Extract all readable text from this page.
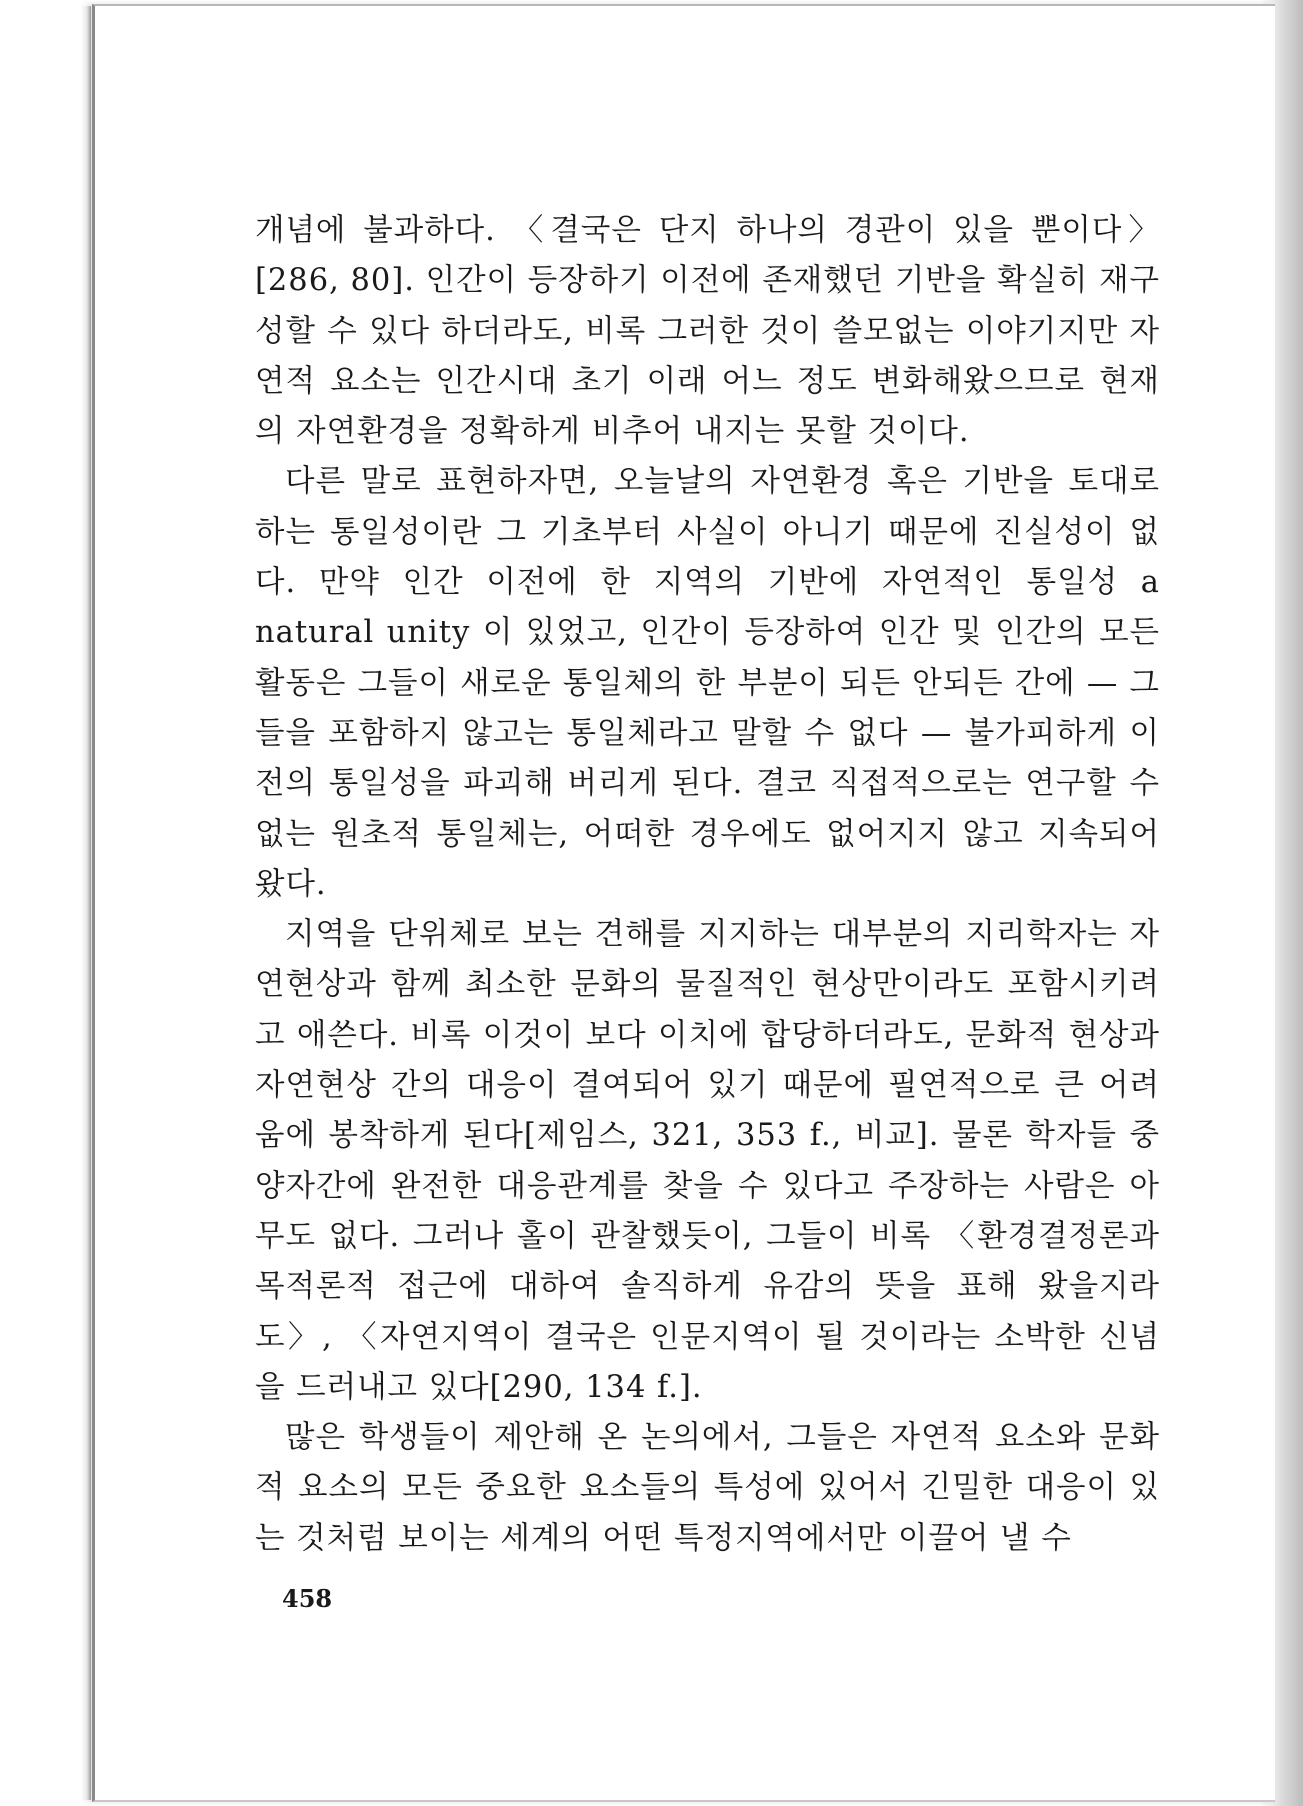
개념에 불과하다. 〈결국은 단지 하나의 경관이 있을 뿐이다〉 [286, 80]. 인간이 등장하기 이전에 존재했던 기반을 확실히 재구성할 수 있다 하더라도, 비록 그러한 것이 쓸모없는 이야기지만 자연적 요소는 인간시대 초기 이래 어느 정도 변화해왔으므로 현재의 자연환경을 정확하게 비추어 내지는 못할 것이다.

다른 말로 표현하자면, 오늘날의 자연환경 혹은 기반을 토대로 하는 통일성이란 그 기초부터 사실이 아니기 때문에 진실성이 없다. 만약 인간 이전에 한 지역의 기반에 자연적인 통일성 a natural unity 이 있었고, 인간이 등장하여 인간 및 인간의 모든 활동은 그들이 새로운 통일체의 한 부분이 되든 안되든 간에 — 그들을 포함하지 않고는 통일체라고 말할 수 없다 — 불가피하게 이전의 통일성을 파괴해 버리게 된다. 결코 직접적으로는 연구할 수 없는 원초적 통일체는, 어떠한 경우에도 없어지지 않고 지속되어 왔다.

지역을 단위체로 보는 견해를 지지하는 대부분의 지리학자는 자연현상과 함께 최소한 문화의 물질적인 현상만이라도 포함시키려고 애쓴다. 비록 이것이 보다 이치에 합당하더라도, 문화적 현상과 자연현상 간의 대응이 결여되어 있기 때문에 필연적으로 큰 어려움에 봉착하게 된다[제임스, 321, 353 f., 비교]. 물론 학자들 중 양자간에 완전한 대응관계를 찾을 수 있다고 주장하는 사람은 아무도 없다. 그러나 홀이 관찰했듯이, 그들이 비록 〈환경결정론과 목적론적 접근에 대하여 솔직하게 유감의 뜻을 표해 왔을지라도〉, 〈자연지역이 결국은 인문지역이 될 것이라는 소박한 신념을 드러내고 있다[290, 134 f.].

많은 학생들이 제안해 온 논의에서, 그들은 자연적 요소와 문화적 요소의 모든 중요한 요소들의 특성에 있어서 긴밀한 대응이 있는 것처럼 보이는 세계의 어떤 특정지역에서만 이끌어 낼 수

458
